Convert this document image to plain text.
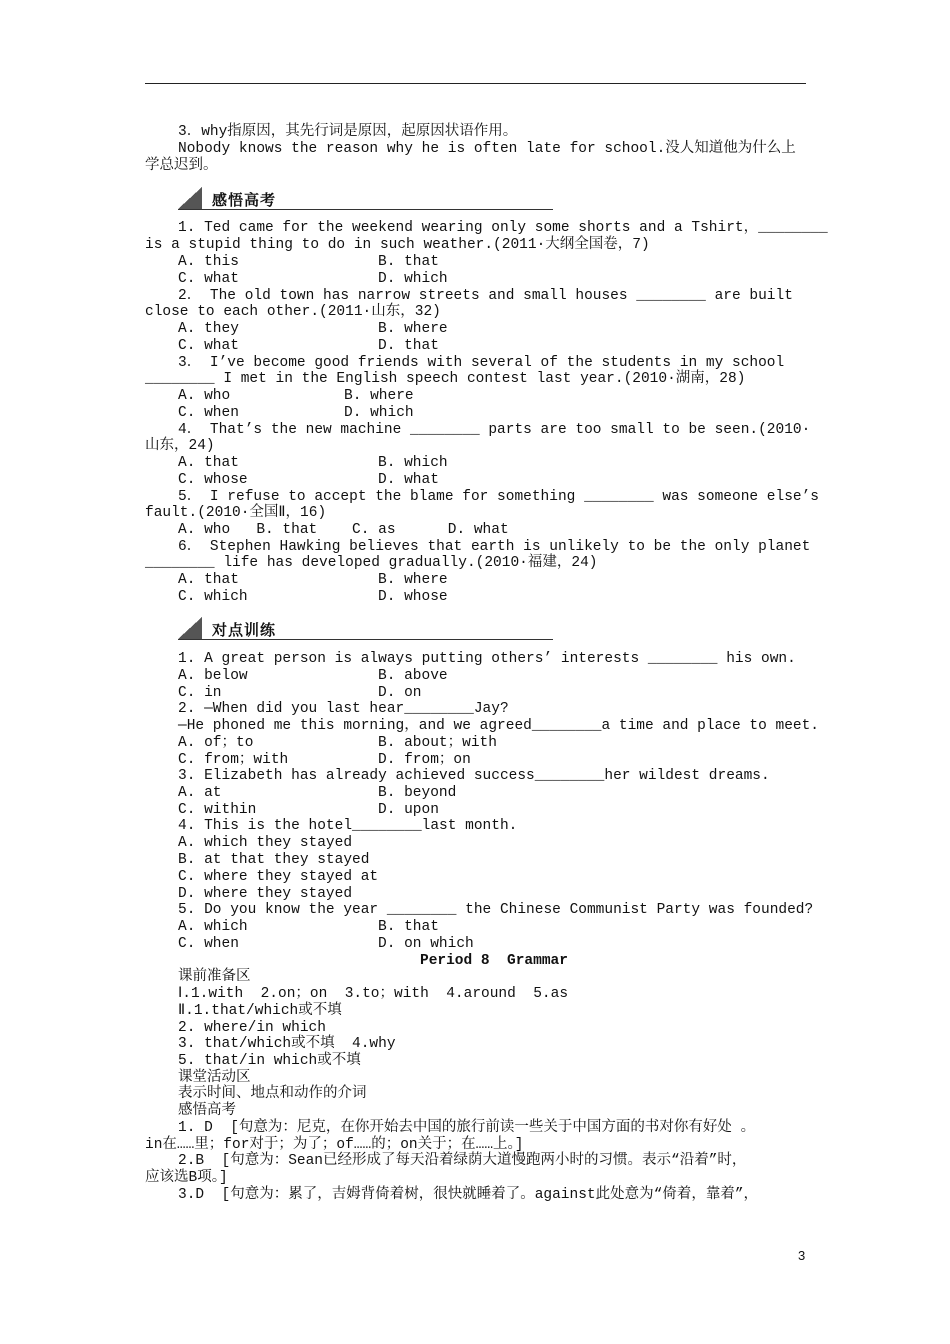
3．why指原因，其先行词是原因，起原因状语作用。
Nobody knows the reason why he is often late for school.没人知道他为什么上
学总迟到。
感悟高考
1. Ted came for the weekend wearing only some shorts and a Tshirt，________
is a stupid thing to do in such weather.(2011·大纲全国卷，7)
A. this	B. that
C. what	D. which
2． The old town has narrow streets and small houses ________ are built
close to each other.(2011·山东，32)
A. they	B. where
C. what	D. that
3． I’ve become good friends with several of the students in my school
________ I met in the English speech contest last year.(2010·湖南，28)
A. who	B. where
C. when	D. which
4． That’s the new machine ________ parts are too small to be seen.(2010·
山东，24)
A. that	B. which
C. whose	D. what
5． I refuse to accept the blame for something ________ was someone else’s
fault.(2010·全国Ⅱ，16)
A. who   B. that    C. as      D. what
6． Stephen Hawking believes that earth is unlikely to be the only planet
________ life has developed gradually.(2010·福建，24)
A. that	B. where
C. which	D. whose
对点训练
1. A great person is always putting others’ interests ________ his own.
A. below	B. above
C. in	D. on
2. —When did you last hear________Jay?
—He phoned me this morning，and we agreed________a time and place to meet.
A. of；to	B. about；with
C. from；with	D. from；on
3. Elizabeth has already achieved success________her wildest dreams.
A. at	B. beyond
C. within	D. upon
4. This is the hotel________last month.
A. which they stayed
B. at that they stayed
C. where they stayed at
D. where they stayed
5. Do you know the year ________ the Chinese Communist Party was founded?
A. which	B. that
C. when	D. on which
Period 8  Grammar
课前准备区
Ⅰ.1.with  2.on；on  3.to；with  4.around  5.as
Ⅱ.1.that/which或不填
2. where/in which
3. that/which或不填  4.why
5. that/in which或不填
课堂活动区
表示时间、地点和动作的介词
感悟高考
1. D  [句意为：尼克，在你开始去中国的旅行前读一些关于中国方面的书对你有好处 。
in在……里；for对于；为了；of……的；on关于；在……上。]
2.B  [句意为：Sean已经形成了每天沿着绿荫大道慢跑两小时的习惯。表示“沿着”时，
应该选B项。]
3.D  [句意为：累了，吉姆背倚着树，很快就睡着了。against此处意为“倚着，靠着”，
3
